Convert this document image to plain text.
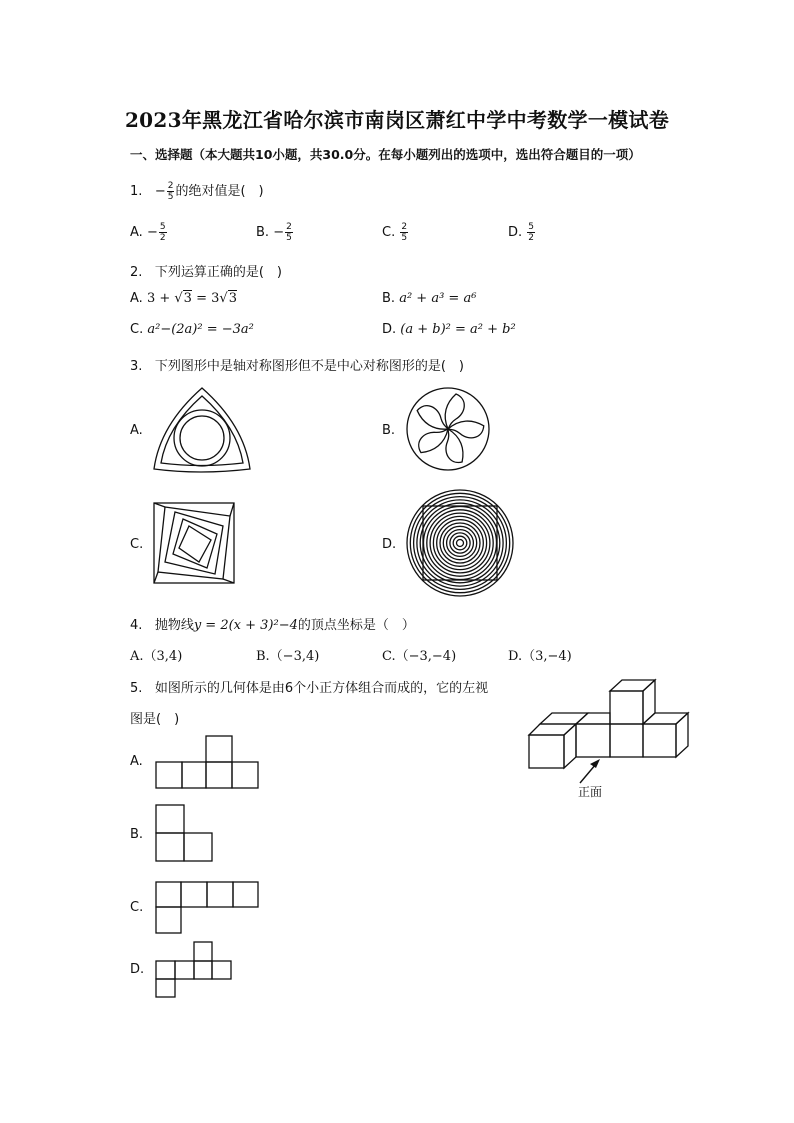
2023年黑龙江省哈尔滨市南岗区萧红中学中考数学一模试卷
一、选择题（本大题共10小题，共30.0分。在每小题列出的选项中，选出符合题目的一项）
1. − $\frac{2}{5}$ 的绝对值是(　)
A. − $\frac{5}{2}$	B. − $\frac{2}{5}$	C. $\frac{2}{5}$	D. $\frac{5}{2}$
2. 下列运算正确的是(　)
A. 3 + √3 = 3√3	B. a² + a³ = a⁶
C. a²−(2a)² = −3a²	D. (a + b)² = a² + b²
3. 下列图形中是轴对称图形但不是中心对称图形的是(　)
A.	B.
C.	D.
4. 抛物线y = 2(x + 3)²−4的顶点坐标是（　）
A.（3,4)	B.（−3,4)	C.（−3,−4)	D.（3,−4)
5. 如图所示的几何体是由6个小正方体组合而成的，它的左视
图是(　)
正面
A.
B.
C.
D.
